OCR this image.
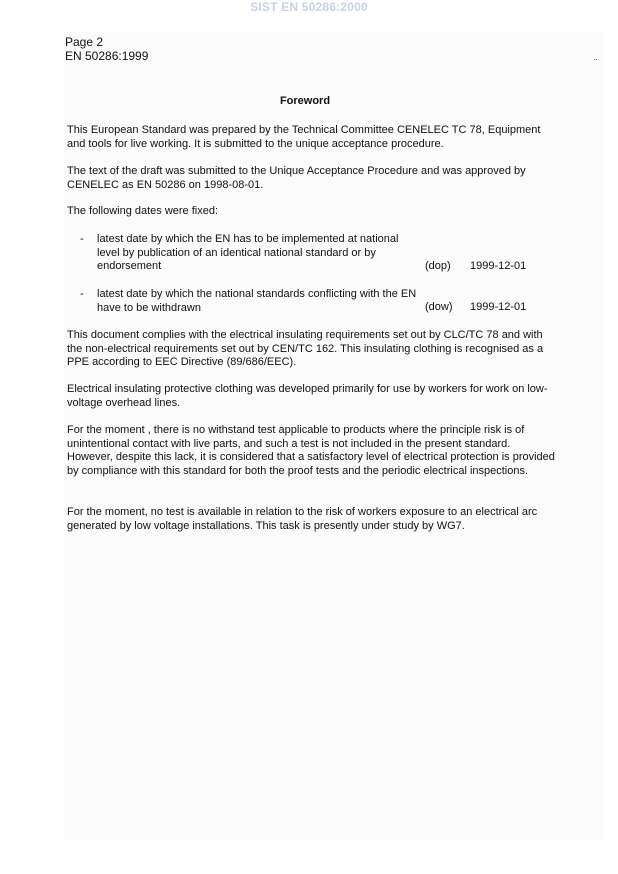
SIST EN 50286:2000
Page 2
EN 50286:1999
¨
Foreword

This European Standard was prepared by the Technical Committee CENELEC TC 78, Equipment and tools for live working. It is submitted to the unique acceptance procedure.

The text of the draft was submitted to the Unique Acceptance Procedure and was approved by CENELEC as EN 50286 on 1998-08-01.

The following dates were fixed:

- latest date by which the EN has to be implemented at national level by publication of an identical national standard or by endorsement	(dop) 1999-12-01
- latest date by which the national standards conflicting with the EN have to be withdrawn	(dow) 1999-12-01

This document complies with the electrical insulating requirements set out by CLC/TC 78 and with the non-electrical requirements set out by CEN/TC 162. This insulating clothing is recognised as a PPE according to EEC Directive (89/686/EEC).

Electrical insulating protective clothing was developed primarily for use by workers for work on low-voltage overhead lines.

For the moment , there is no withstand test applicable to products where the principle risk is of unintentional contact with live parts, and such a test is not included in the present standard. However, despite this lack, it is considered that a satisfactory level of electrical protection is provided by compliance with this standard for both the proof tests and the periodic electrical inspections.

For the moment, no test is available in relation to the risk of workers exposure to an electrical arc generated by low voltage installations. This task is presently under study by WG7.
